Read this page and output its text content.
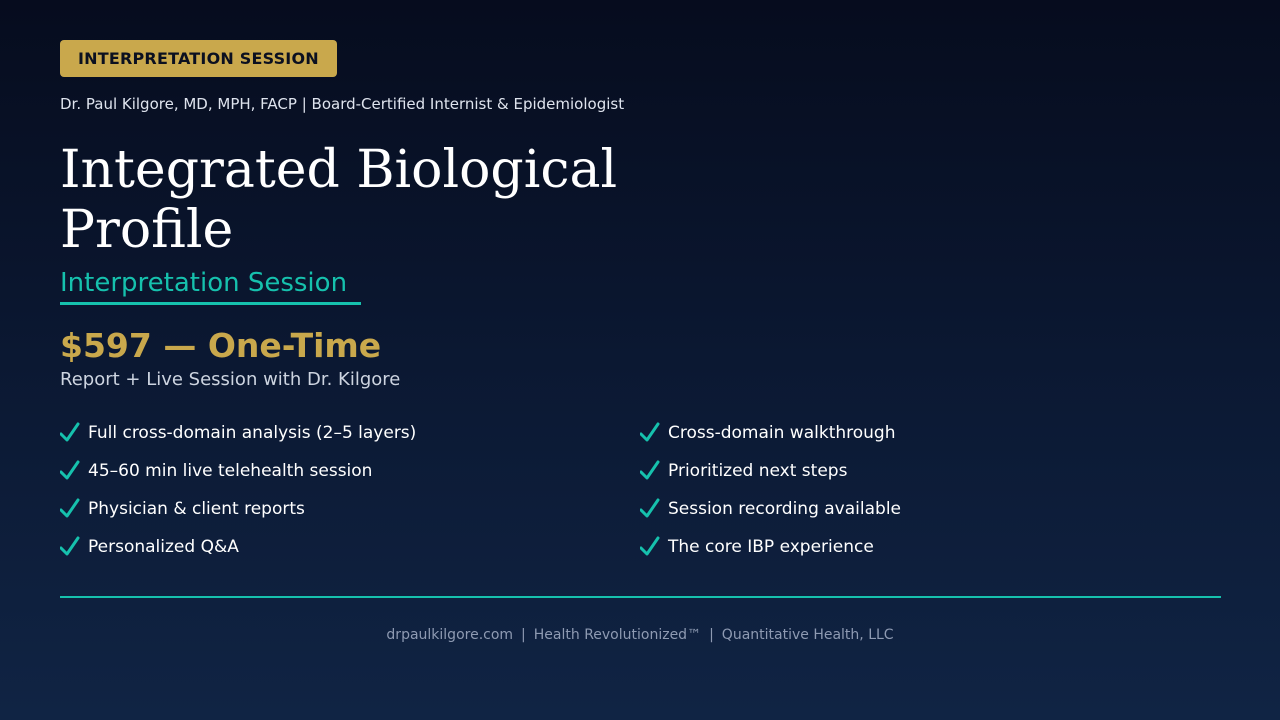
INTERPRETATION SESSION
Dr. Paul Kilgore, MD, MPH, FACP | Board-Certified Internist & Epidemiologist
Integrated Biological Profile
Interpretation Session
$597 — One-Time
Report + Live Session with Dr. Kilgore
Full cross-domain analysis (2–5 layers)	Cross-domain walkthrough
45–60 min live telehealth session	Prioritized next steps
Physician & client reports	Session recording available
Personalized Q&A	The core IBP experience
drpaulkilgore.com | Health Revolutionized™ | Quantitative Health, LLC
